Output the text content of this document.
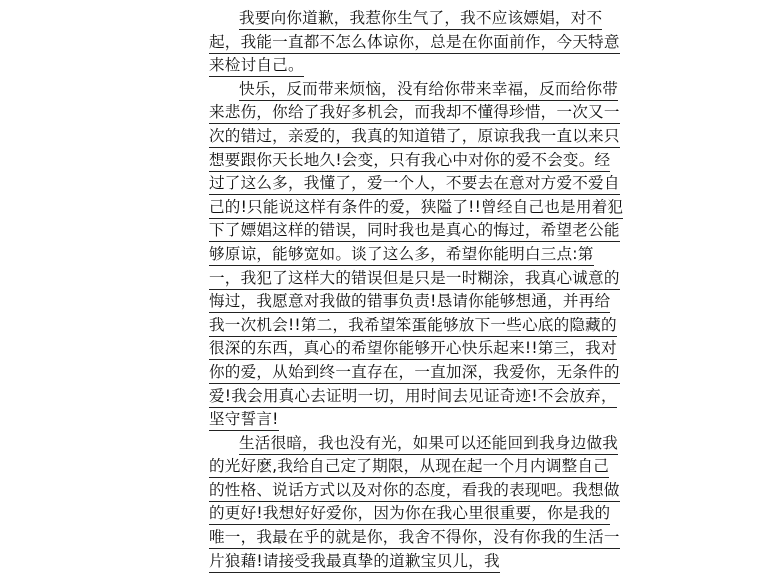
我要向你道歉，我惹你生气了，我不应该嫖娼，对不
起，我能一直都不怎么体谅你，总是在你面前作，今天特意
来检讨自己。
快乐，反而带来烦恼，没有给你带来幸福，反而给你带
来悲伤，你给了我好多机会，而我却不懂得珍惜，一次又一
次的错过，亲爱的，我真的知道错了，原谅我我一直以来只
想要跟你天长地久!会变，只有我心中对你的爱不会变。经
过了这么多，我懂了，爱一个人，不要去在意对方爱不爱自
己的!只能说这样有条件的爱，狭隘了!!曾经自己也是用着犯
下了嫖娼这样的错误，同时我也是真心的悔过，希望老公能
够原谅，能够宽如。谈了这么多，希望你能明白三点:第
一，我犯了这样大的错误但是只是一时糊涂，我真心诚意的
悔过，我愿意对我做的错事负责!恳请你能够想通，并再给
我一次机会!!第二，我希望笨蛋能够放下一些心底的隐藏的
很深的东西，真心的希望你能够开心快乐起来!!第三，我对
你的爱，从始到终一直存在，一直加深，我爱你，无条件的
爱!我会用真心去证明一切，用时间去见证奇迹!不会放弃，
坚守誓言!
生活很暗，我也没有光，如果可以还能回到我身边做我
的光好麽,我给自己定了期限，从现在起一个月内调整自己
的性格、说话方式以及对你的态度，看我的表现吧。我想做
的更好!我想好好爱你，因为你在我心里很重要，你是我的
唯一，我最在乎的就是你，我舍不得你，没有你我的生活一
片狼藉!请接受我最真挚的道歉宝贝儿，我
